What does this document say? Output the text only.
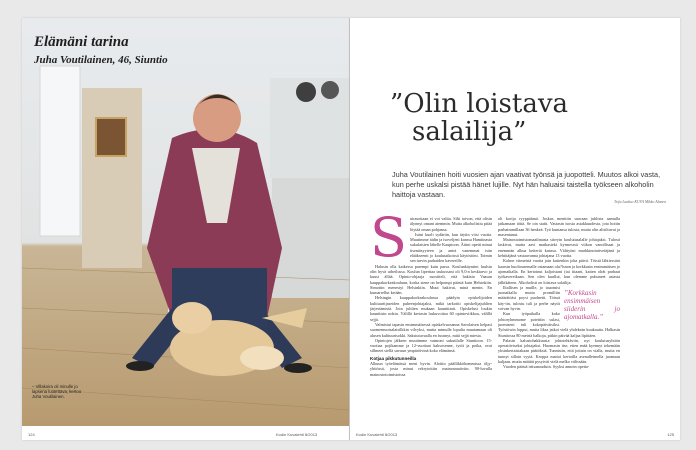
Elämäni tarina
Juha Voutilainen, 46, Siuntio
– Villakoira oli minulle jo lapsena luotettava, kertoo Juha Voutilainen.
124	Kodin Kuvalehti 8/2013
”Olin loistava
salailija”
Juha Voutilainen hoiti vuosien ajan vaativat työnsä ja juopotteli. Muutos alkoi vasta, kun perhe uskalsi pistää hänet lujille. Nyt hän haluaisi taistella työkseen alkoholin haittoja vastaan.
Teija Laakso KUVA Mikko Alanen
S uirasottaan ei voi valita. Silti toivon, että olisin älynnyt omani aiemmin. Mutta alkoholistiu pitää löytää oman pohjansa.

Isäni kuoli sydäriin, kun täytin viisi vuotta. Muutimme äidin ja isoveljeni kanssa Hamiinasta sukulaisten lähelle Kaupioon. Äitini opetti minut itsenäisyyteen ja antoi vanemmat isän elääkseenti jo koulutaikoissä käytöstöni. Toimin sen turvin parhaiden kavereille.

Halusin olla kaikessa parempi kuin parsa. Koulunkäyntini luulsin olin hyvä urheilussa. Koulun liperitaa taskussani oli 9,0:n keskiarvo ja kuusi ällää. Opinto-ohjaaja suositteli, että hakisin Vaasan kauppakorkeakouluun, koska siene on helpompi päästä kuin Helsinkiin. Simottin menestyi Helsinkiin. Muut hakivat, minä menin. En kumarrellut ketään.

Helsingin kauppakorkeakoulussa päädyin opiskelijoiden kulttuuritjaseiden puheenjohtajaksi, mikä tarkoitti opiskelijajuhlien järjestämistä. Join juhlien mukaan kauniitasti. Opiskelusi loukin kauniitsin nokin. Välillä kertasin laskuvoitoa 60 opintoviikkoa, välillä sejjä.

Valmistui tapasin ensimmäisessä opiskelvuosanna Savolaisen kelpasi suomenruotsalaisilkkin vilvyksi, mutta mimulle lopulta muutamaan oli alusen kulttuurisokki. Saksiutuvaalla en fusnnyt, mitä sejjä miesta.

Opintojen jälkeen muutimme vaimoni sukutilalle Siuntioon. 15-vuotiaa pojikamme ja 12-vuotiaat kaksosenne, tytöt ja poika, ovat sillmeet siellä suvuun ympäröivinä koko elämänsä.

Kotjaa pikkutunneilla

Alkuun työelämässä meni hyvin. Aloitin päällikköhommissa öljy-yhtiössä, josta minut rekrytoitiin mainosmativiin. 90-luvulla mainostotoimistoissa

oli kortja ryyppäämä. Joskus menttiin suoraan juhlista aamulla jatkamaan töitä. Se oin statti. Vastasin isosta asiakkuudesta, jota hoitin parhaimmillaan 36 henkeä. Työ kuntansa tulosta, mutta olin alisiltuvat ja masentunut.

Mainostoimistomaailmasta siirryin koulutusalalle johtajaksi. Tulosti laskivat, mutta aavi matkasteki kyrmesssä viikon vanollisaat ja enemmän alkua ketteriä kanssa. Välityöni markkinointivetäjänä ja kehittäjänä vastaavanna johtajana 13 vuotta.

Kolme viimeistä vuotta join kuitenkin joka päivä. Töistä lähtiessäni kaarsin huoltoasemalle ostamaan olu?lsnon ja korkkasin ensimmäisen jo ajomatkalla. En kertoinut kaljoistani (tai tiiaani, kaiten olrät parhaat työkavereikaan. Sen olen kuullut, kun olemme puhuneet asiasta jälkikäteen. Alkoholisti on loistava salailija.

”Korkkasin ensimmäisen siiderin jo ajomatkalla.”

Iltallisen ja muille, jo tauomisi juonaikalla mutta promilliin määrätöäsi poysi puolnetti. Töissä käy-tin, tulostu tuli ja perhe näytti voivan hyvin.

Kun työpaikalla koko johtoryhmmome potettiin sulasi, juomiseni tuli kokopäiväisiksi. Työstöwin loppui, mutta liksa jatkoi vielä yhdeksän kuukautta. Halkasin Siuntiossa 80 metriä halkoja, pitkin päivää kaljaa lipittäen.

Palasin kalustohakkuusta johtotehtäviin, nyt koulutusyhtiön operatiiviseksi johtajaksi. Huomasin itse, etten enää kyennyt tekemään yksinkertaisiakaan päätöksiä. Tunnistin, että joitain on vialla, mutta en tunnyt silloin syytä. Kroppa mattoi kertoilla asenalleimella juomaan kaljaan, mutta määtät pysyivät vielä melko välissään.

Vuoden päästä irtisanouduin. Syyksi annoin opetta-

Kodin Kuvalehti 8/2013	125
